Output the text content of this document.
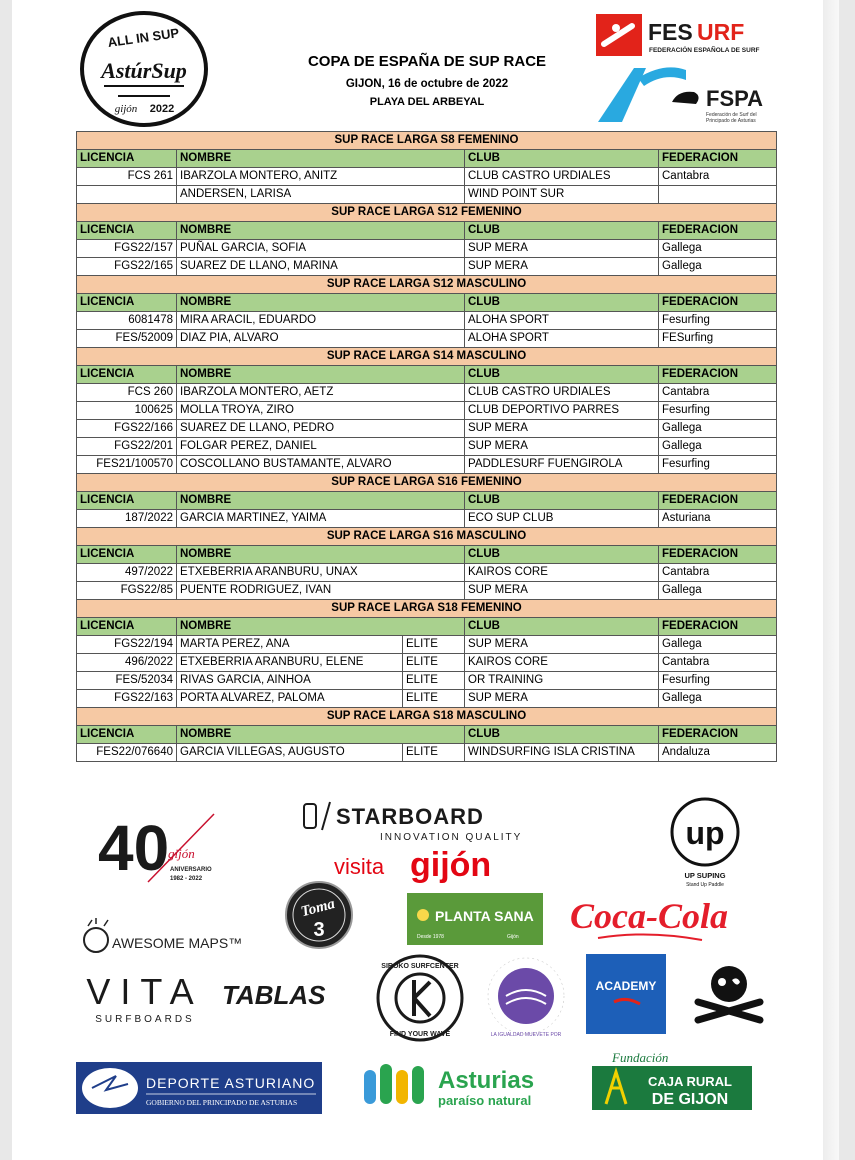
ALL IN SUP
AstúrSup
gijón 2022
COPA DE ESPAÑA DE SUP RACE
GIJON, 16 de octubre de 2022
PLAYA DEL ARBEYAL
FES URF
FEDERACIÓN ESPAÑOLA DE SURF
FSPA
Federación de Surf del
Principado de Asturias
SUP RACE LARGA S8 FEMENINO				
LICENCIA	NOMBRE		CLUB	FEDERACION
FCS 261	IBARZOLA MONTERO, ANITZ		CLUB CASTRO URDIALES	Cantabra
	ANDERSEN, LARISA		WIND POINT SUR	
SUP RACE LARGA S12 FEMENINO				
LICENCIA	NOMBRE		CLUB	FEDERACION
FGS22/157	PUÑAL GARCIA, SOFIA		SUP MERA	Gallega
FGS22/165	SUAREZ DE LLANO, MARINA		SUP MERA	Gallega
SUP RACE LARGA S12 MASCULINO				
LICENCIA	NOMBRE		CLUB	FEDERACION
6081478	MIRA ARACIL, EDUARDO		ALOHA SPORT	Fesurfing
FES/52009	DIAZ PIA, ALVARO		ALOHA SPORT	FESurfing
SUP RACE LARGA S14 MASCULINO				
LICENCIA	NOMBRE		CLUB	FEDERACION
FCS 260	IBARZOLA MONTERO, AETZ		CLUB CASTRO URDIALES	Cantabra
100625	MOLLA TROYA, ZIRO		CLUB DEPORTIVO PARRES	Fesurfing
FGS22/166	SUAREZ DE LLANO, PEDRO		SUP MERA	Gallega
FGS22/201	FOLGAR PEREZ, DANIEL		SUP MERA	Gallega
FES21/100570	COSCOLLANO BUSTAMANTE, ALVARO		PADDLESURF FUENGIROLA	Fesurfing
SUP RACE LARGA S16 FEMENINO				
LICENCIA	NOMBRE		CLUB	FEDERACION
187/2022	GARCIA MARTINEZ, YAIMA		ECO SUP CLUB	Asturiana
SUP RACE LARGA S16 MASCULINO				
LICENCIA	NOMBRE		CLUB	FEDERACION
497/2022	ETXEBERRIA ARANBURU, UNAX		KAIROS CORE	Cantabra
FGS22/85	PUENTE RODRIGUEZ, IVAN		SUP MERA	Gallega
SUP RACE LARGA S18 FEMENINO				
LICENCIA	NOMBRE		CLUB	FEDERACION
FGS22/194	MARTA PEREZ, ANA	ELITE	SUP MERA	Gallega
496/2022	ETXEBERRIA ARANBURU, ELENE	ELITE	KAIROS CORE	Cantabra
FES/52034	RIVAS GARCIA, AINHOA	ELITE	OR TRAINING	Fesurfing
FGS22/163	PORTA ALVAREZ, PALOMA	ELITE	SUP MERA	Gallega
SUP RACE LARGA S18 MASCULINO				
LICENCIA	NOMBRE		CLUB	FEDERACION
FES22/076640	GARCIA VILLEGAS, AUGUSTO	ELITE	WINDSURFING ISLA CRISTINA	Andaluza
40
gijón
ANIVERSARIO
1982 - 2022
STARBOARD
INNOVATION QUALITY
visita gijón
up
UP SUPING
Stand Up Paddle
Toma
3
PLANTA SANA
Desde 1978	Gijón
Coca-Cola
AWESOME MAPS™
VITA
SURFBOARDS
TABLAS
SIROKO SURFCENTER
FIND YOUR WAVE	LA IGUALDAD MUEVETE POR
ACADEMY
DEPORTE ASTURIANO
GOBIERNO DEL PRINCIPADO DE ASTURIAS
Asturias
paraíso natural
Fundación
CAJA RURAL
DE GIJON
